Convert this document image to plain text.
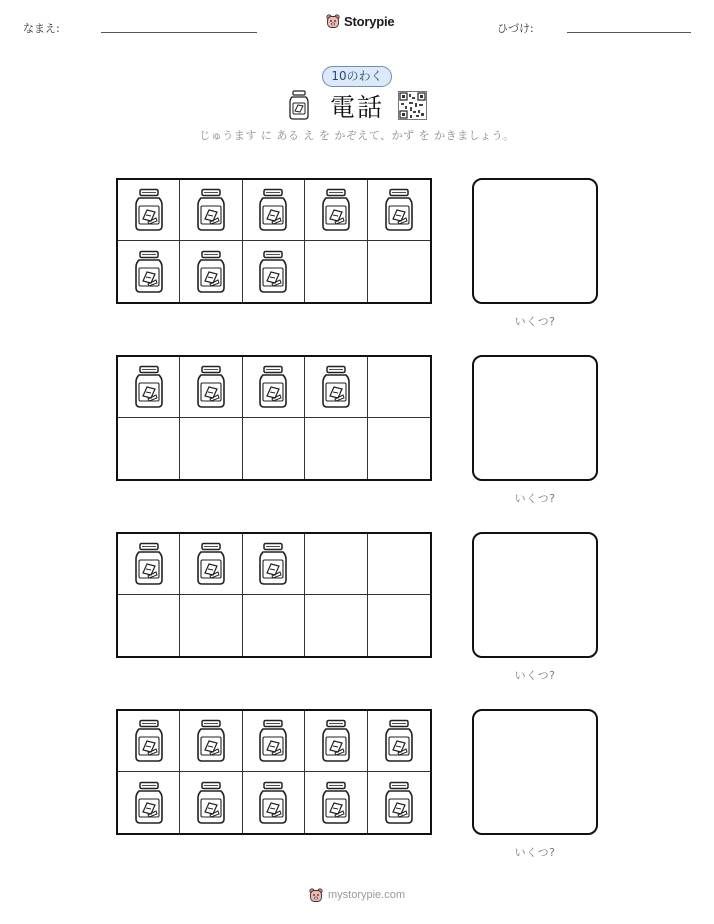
なまえ:	Storypie	ひづけ:
10のわく
電話
じゅうます に ある え を かぞえて、かず を かきましょう。
いくつ?
いくつ?
いくつ?
いくつ?
mystorypie.com
